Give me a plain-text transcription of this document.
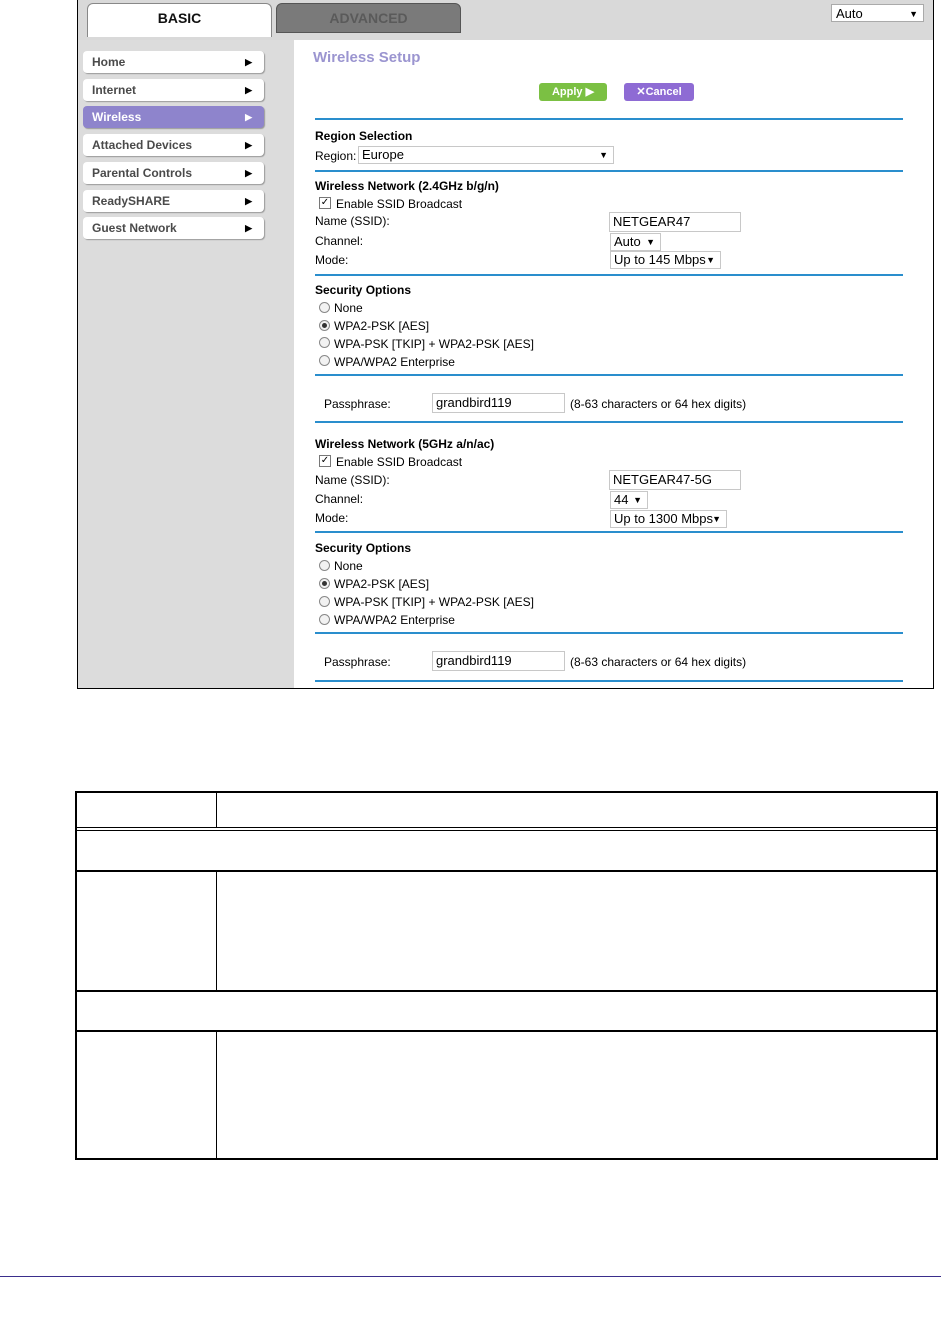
BASIC	ADVANCED	Auto	▼
Home	▶
Internet	▶
Wireless	▶
Attached Devices	▶
Parental Controls	▶
ReadySHARE	▶
Guest Network	▶
Wireless Setup
Apply ▶	✕Cancel
Region Selection
Region: Europe	▼
Wireless Network (2.4GHz b/g/n)
✓ Enable SSID Broadcast
Name (SSID):	NETGEAR47
Channel:	Auto ▼
Mode:	Up to 145 Mbps ▼
Security Options
None
WPA2-PSK [AES]
WPA-PSK [TKIP] + WPA2-PSK [AES]
WPA/WPA2 Enterprise
Passphrase:	grandbird119	(8-63 characters or 64 hex digits)
Wireless Network (5GHz a/n/ac)
✓ Enable SSID Broadcast
Name (SSID):	NETGEAR47-5G
Channel:	44 ▼
Mode:	Up to 1300 Mbps ▼
Security Options
None
WPA2-PSK [AES]
WPA-PSK [TKIP] + WPA2-PSK [AES]
WPA/WPA2 Enterprise
Passphrase:	grandbird119	(8-63 characters or 64 hex digits)
